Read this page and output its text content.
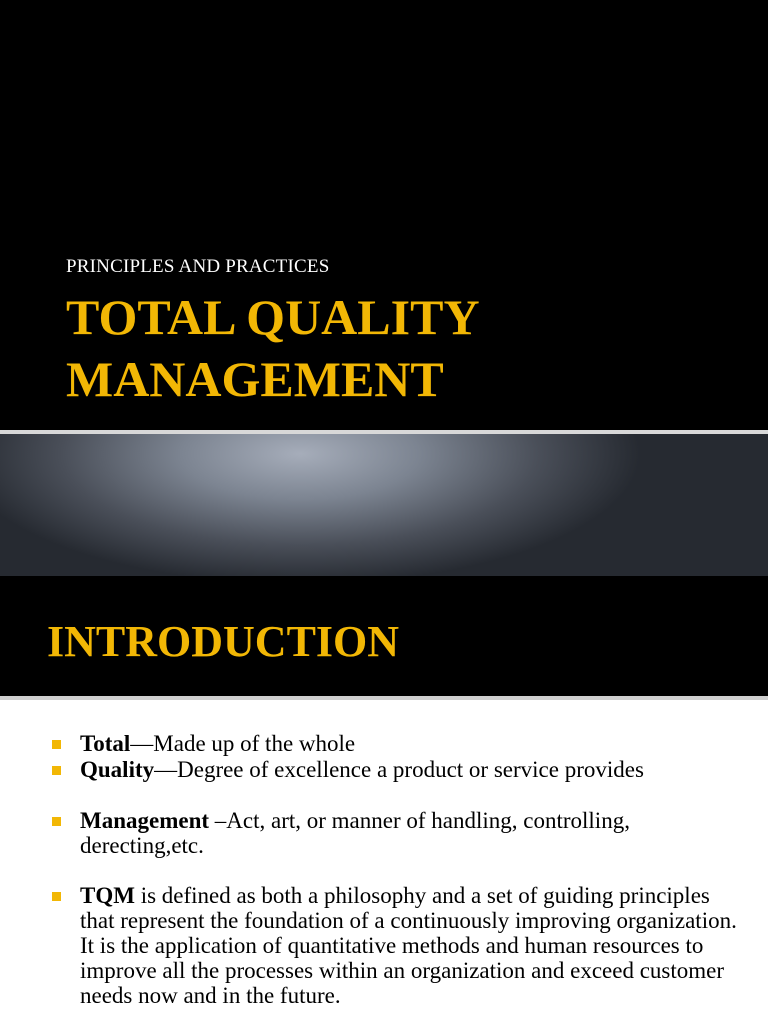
PRINCIPLES AND PRACTICES
TOTAL QUALITY
MANAGEMENT
INTRODUCTION
Total—Made up of the whole
Quality—Degree of excellence a product or service provides
Management –Act, art, or manner of handling, controlling, derecting,etc.
TQM is defined as both a philosophy and a set of guiding principles that represent the foundation of a continuously improving organization. It is the application of quantitative methods and human resources to improve all the processes within an organization and exceed customer needs now and in the future.
